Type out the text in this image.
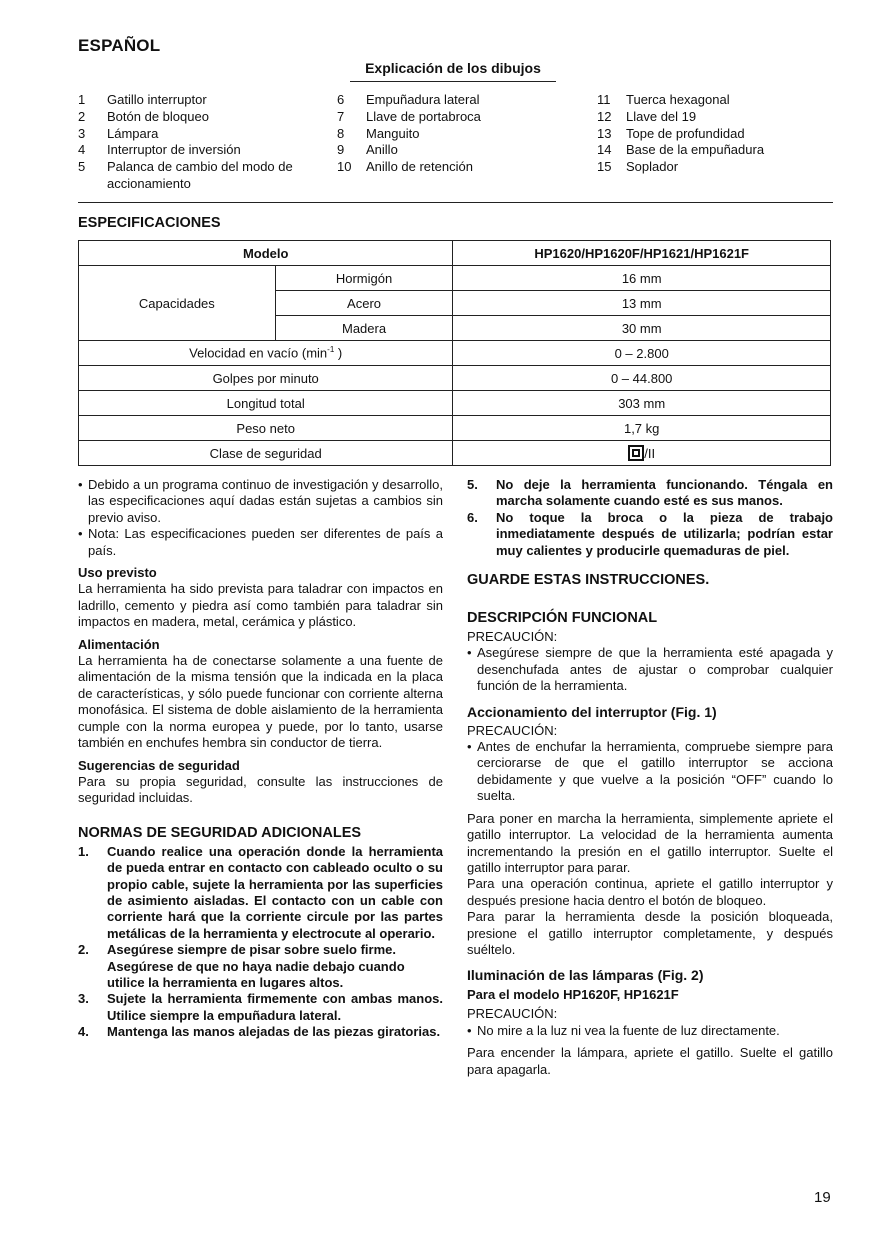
ESPAÑOL
Explicación de los dibujos
1	Gatillo interruptor
2	Botón de bloqueo
3	Lámpara
4	Interruptor de inversión
5	Palanca de cambio del modo de accionamiento
6	Empuñadura lateral
7	Llave de portabroca
8	Manguito
9	Anillo
10	Anillo de retención
11	Tuerca hexagonal
12	Llave del 19
13	Tope de profundidad
14	Base de la empuñadura
15	Soplador
ESPECIFICACIONES
Modelo		HP1620/HP1620F/HP1621/HP1621F
Capacidades	Hormigón	16 mm
	Acero	13 mm
	Madera	30 mm
Velocidad en vacío ($\min^{-1}$ )		0 – 2.800
Golpes por minuto		0 – 44.800
Longitud total		303 mm
Peso neto		1,7 kg
Clase de seguridad		/II
• Debido a un programa continuo de investigación y desarrollo, las especificaciones aquí dadas están sujetas a cambios sin previo aviso.
• Nota: Las especificaciones pueden ser diferentes de país a país.
Uso previsto

La herramienta ha sido prevista para taladrar con impactos en ladrillo, cemento y piedra así como también para taladrar sin impactos en madera, metal, cerámica y plástico.

Alimentación

La herramienta ha de conectarse solamente a una fuente de alimentación de la misma tensión que la indicada en la placa de características, y sólo puede funcionar con corriente alterna monofásica. El sistema de doble aislamiento de la herramienta cumple con la norma europea y puede, por lo tanto, usarse también en enchufes hembra sin conductor de tierra.

Sugerencias de seguridad

Para su propia seguridad, consulte las instrucciones de seguridad incluidas.

NORMAS DE SEGURIDAD ADICIONALES
1.	Cuando realice una operación donde la herramienta de pueda entrar en contacto con cableado oculto o su propio cable, sujete la herramienta por las superficies de asimiento aisladas. El contacto con un cable con corriente hará que la corriente circule por las partes metálicas de la herramienta y electrocute al operario.
2.	Asegúrese siempre de pisar sobre suelo firme. Asegúrese de que no haya nadie debajo cuando utilice la herramienta en lugares altos.
3.	Sujete la herramienta firmemente con ambas manos. Utilice siempre la empuñadura lateral.
4.	Mantenga las manos alejadas de las piezas giratorias.
5.	No deje la herramienta funcionando. Téngala en marcha solamente cuando esté es sus manos.
6.	No toque la broca o la pieza de trabajo inmediatamente después de utilizarla; podrían estar muy calientes y producirle quemaduras de piel.
GUARDE ESTAS INSTRUCCIONES.
DESCRIPCIÓN FUNCIONAL

PRECAUCIÓN:

• Asegúrese siempre de que la herramienta esté apagada y desenchufada antes de ajustar o comprobar cualquier función de la herramienta.
Accionamiento del interruptor (Fig. 1)

PRECAUCIÓN:

• Antes de enchufar la herramienta, compruebe siempre para cerciorarse de que el gatillo interruptor se acciona debidamente y que vuelve a la posición “OFF” cuando lo suelta.

Para poner en marcha la herramienta, simplemente apriete el gatillo interruptor. La velocidad de la herramienta aumenta incrementando la presión en el gatillo interruptor. Suelte el gatillo interruptor para parar.

Para una operación continua, apriete el gatillo interruptor y después presione hacia dentro el botón de bloqueo.

Para parar la herramienta desde la posición bloqueada, presione el gatillo interruptor completamente, y después suéltelo.

Iluminación de las lámparas (Fig. 2)
Para el modelo HP1620F, HP1621F

PRECAUCIÓN:

• No mire a la luz ni vea la fuente de luz directamente.

Para encender la lámpara, apriete el gatillo. Suelte el gatillo para apagarla.

19
